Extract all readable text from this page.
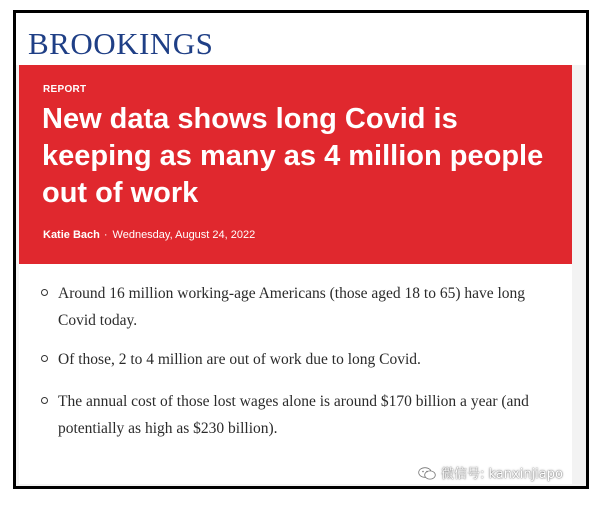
BROOKINGS
REPORT
New data shows long Covid is keeping as many as 4 million people out of work
Katie Bach · Wednesday, August 24, 2022
Around 16 million working-age Americans (those aged 18 to 65) have long Covid today.
Of those, 2 to 4 million are out of work due to long Covid.
The annual cost of those lost wages alone is around $170 billion a year (and potentially as high as $230 billion).
微信号: kanxinjiapo
